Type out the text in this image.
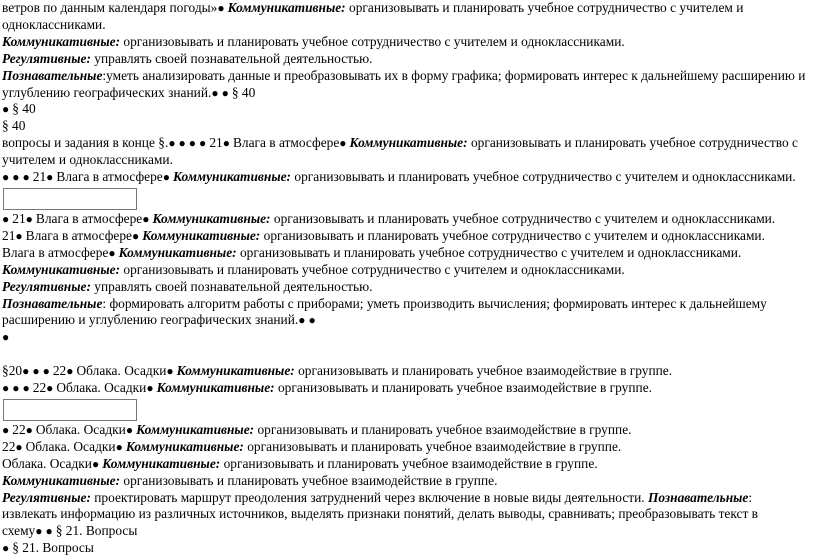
ветров по данным календаря погоды»● Коммуникативные: организовывать и планировать учебное сотрудничество с учителем и
одноклассниками.
Коммуникативные: организовывать и планировать учебное сотрудничество с учителем и одноклассниками.
Регулятивные: управлять своей познавательной деятельностью.
Познавательные:уметь анализировать данные и преобразовывать их в форму графика; формировать интерес к дальнейшему расширению и
углублению географических знаний.● ● § 40
● § 40
§ 40
вопросы и задания в конце §.● ● ● ● 21● Влага в атмосфере● Коммуникативные: организовывать и планировать учебное сотрудничество с
учителем и одноклассниками.
● ● ● 21● Влага в атмосфере● Коммуникативные: организовывать и планировать учебное сотрудничество с учителем и одноклассниками.
● 21● Влага в атмосфере● Коммуникативные: организовывать и планировать учебное сотрудничество с учителем и одноклассниками.
21● Влага в атмосфере● Коммуникативные: организовывать и планировать учебное сотрудничество с учителем и одноклассниками.
Влага в атмосфере● Коммуникативные: организовывать и планировать учебное сотрудничество с учителем и одноклассниками.
Коммуникативные: организовывать и планировать учебное сотрудничество с учителем и одноклассниками.
Регулятивные: управлять своей познавательной деятельностью.
Познавательные: формировать алгоритм работы с приборами; уметь производить вычисления; формировать интерес к дальнейшему
расширению и углублению географических знаний.● ●
●
§20● ● ● 22● Облака. Осадки● Коммуникативные: организовывать и планировать учебное взаимодействие в группе.
● ● ● 22● Облака. Осадки● Коммуникативные: организовывать и планировать учебное взаимодействие в группе.
● 22● Облака. Осадки● Коммуникативные: организовывать и планировать учебное взаимодействие в группе.
22● Облака. Осадки● Коммуникативные: организовывать и планировать учебное взаимодействие в группе.
Облака. Осадки● Коммуникативные: организовывать и планировать учебное взаимодействие в группе.
Коммуникативные: организовывать и планировать учебное взаимодействие в группе.
Регулятивные: проектировать маршрут преодоления затруднений через включение в новые виды деятельности. Познавательные:
извлекать информацию из различных источников, выделять признаки понятий, делать выводы, сравнивать; преобразовывать текст в
схему● ● § 21. Вопросы
● § 21. Вопросы
